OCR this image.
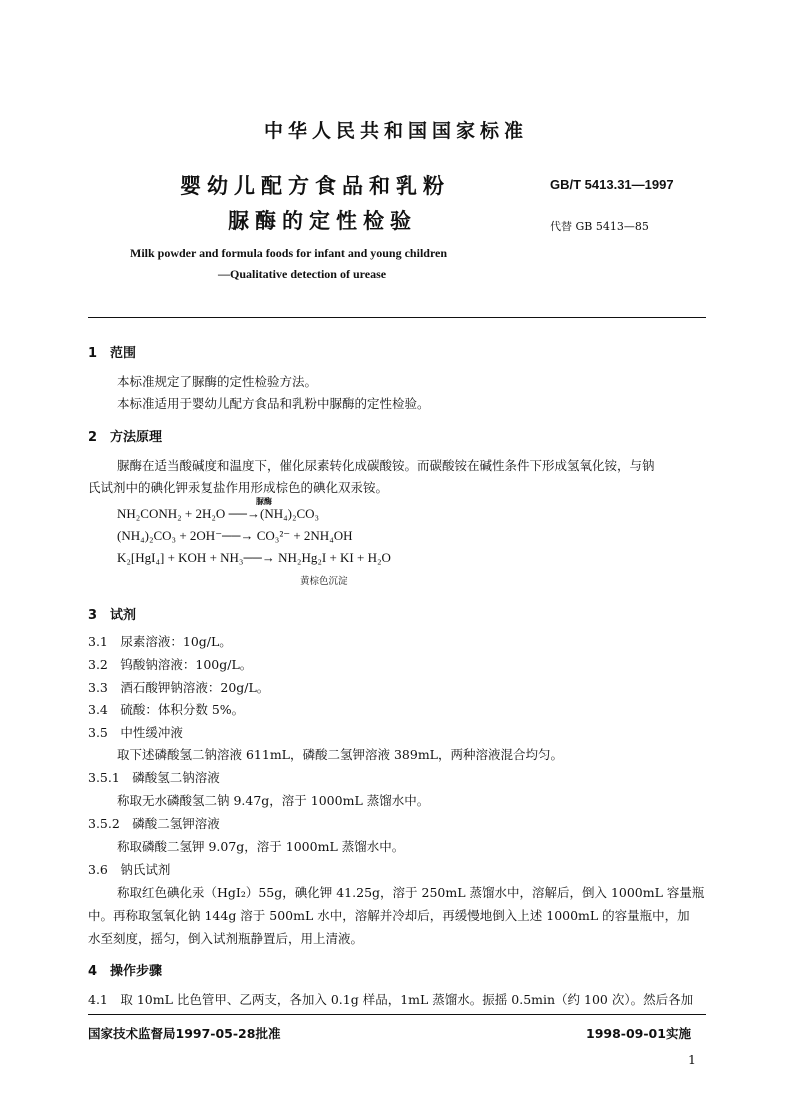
中华人民共和国国家标准
婴幼儿配方食品和乳粉
脲酶的定性检验
GB/T 5413.31—1997
代替 GB 5413—85
Milk powder and formula foods for infant and young children
—Qualitative detection of urease
1　范围
本标准规定了脲酶的定性检验方法。
本标准适用于婴幼儿配方食品和乳粉中脲酶的定性检验。
2　方法原理
脲酶在适当酸碱度和温度下，催化尿素转化成碳酸铵。而碳酸铵在碱性条件下形成氢氧化铵，与钠
氏试剂中的碘化钾汞复盐作用形成棕色的碘化双汞铵。
脲酶
NH₂CONH₂ + 2H₂O ──→(NH₄)₂CO₃
(NH₄)₂CO₃ + 2OH⁻──→ CO₃²⁻ + 2NH₄OH
K₂[HgI₄] + KOH + NH₃──→ NH₂Hg₂I + KI + H₂O
黄棕色沉淀
3　试剂
3.1　尿素溶液：10g/L。
3.2　钨酸钠溶液：100g/L。
3.3　酒石酸钾钠溶液：20g/L。
3.4　硫酸：体积分数 5%。
3.5　中性缓冲液
取下述磷酸氢二钠溶液 611mL，磷酸二氢钾溶液 389mL，两种溶液混合均匀。
3.5.1　磷酸氢二钠溶液
称取无水磷酸氢二钠 9.47g，溶于 1000mL 蒸馏水中。
3.5.2　磷酸二氢钾溶液
称取磷酸二氢钾 9.07g，溶于 1000mL 蒸馏水中。
3.6　钠氏试剂
称取红色碘化汞（HgI₂）55g，碘化钾 41.25g，溶于 250mL 蒸馏水中，溶解后，倒入 1000mL 容量瓶
中。再称取氢氧化钠 144g 溶于 500mL 水中，溶解并冷却后，再缓慢地倒入上述 1000mL 的容量瓶中，加
水至刻度，摇匀，倒入试剂瓶静置后，用上清液。
4　操作步骤
4.1　取 10mL 比色管甲、乙两支，各加入 0.1g 样品，1mL 蒸馏水。振摇 0.5min（约 100 次）。然后各加
国家技术监督局1997-05-28批准	1998-09-01实施
1
